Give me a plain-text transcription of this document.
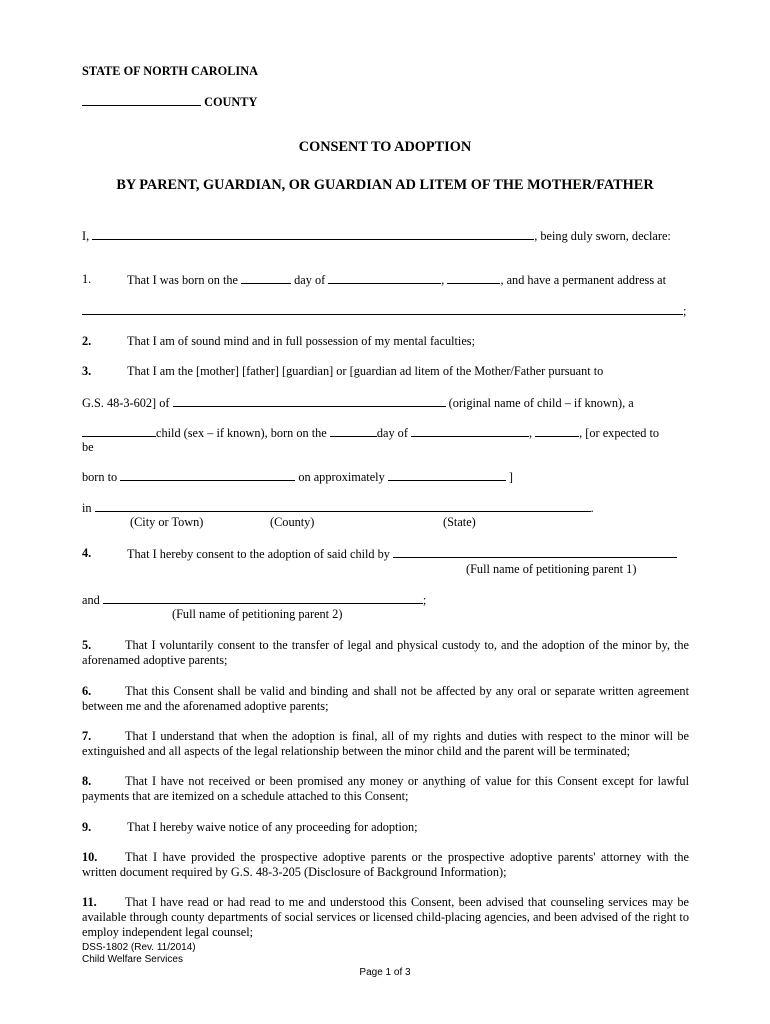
STATE OF NORTH CAROLINA
COUNTY
CONSENT TO ADOPTION
BY PARENT, GUARDIAN, OR GUARDIAN AD LITEM OF THE MOTHER/FATHER
I,	, being duly sworn, declare:
1.	That I was born on the	day of	,	, and have a permanent address at
;
2.	That I am of sound mind and in full possession of my mental faculties;
3.	That I am the [mother] [father] [guardian] or [guardian ad litem of the Mother/Father pursuant to
G.S. 48-3-602] of	(original name of child – if known), a
child (sex – if known), born on the	day of	,	, [or expected to
be
born to	on approximately	]
in	.
(City or Town)	(County)	(State)
4.	That I hereby consent to the adoption of said child by
(Full name of petitioning parent 1)
and	;
(Full name of petitioning parent 2)
5.	That I voluntarily consent to the transfer of legal and physical custody to, and the adoption of the minor by, the aforenamed adoptive parents;
6.	That this Consent shall be valid and binding and shall not be affected by any oral or separate written agreement between me and the aforenamed adoptive parents;
7.	That I understand that when the adoption is final, all of my rights and duties with respect to the minor will be extinguished and all aspects of the legal relationship between the minor child and the parent will be terminated;
8.	That I have not received or been promised any money or anything of value for this Consent except for lawful payments that are itemized on a schedule attached to this Consent;
9.	That I hereby waive notice of any proceeding for adoption;
10.	That I have provided the prospective adoptive parents or the prospective adoptive parents' attorney with the written document required by G.S. 48-3-205 (Disclosure of Background Information);
11.	That I have read or had read to me and understood this Consent, been advised that counseling services may be available through county departments of social services or licensed child-placing agencies, and been advised of the right to employ independent legal counsel;
DSS-1802 (Rev. 11/2014)
Child Welfare Services
Page 1 of 3
